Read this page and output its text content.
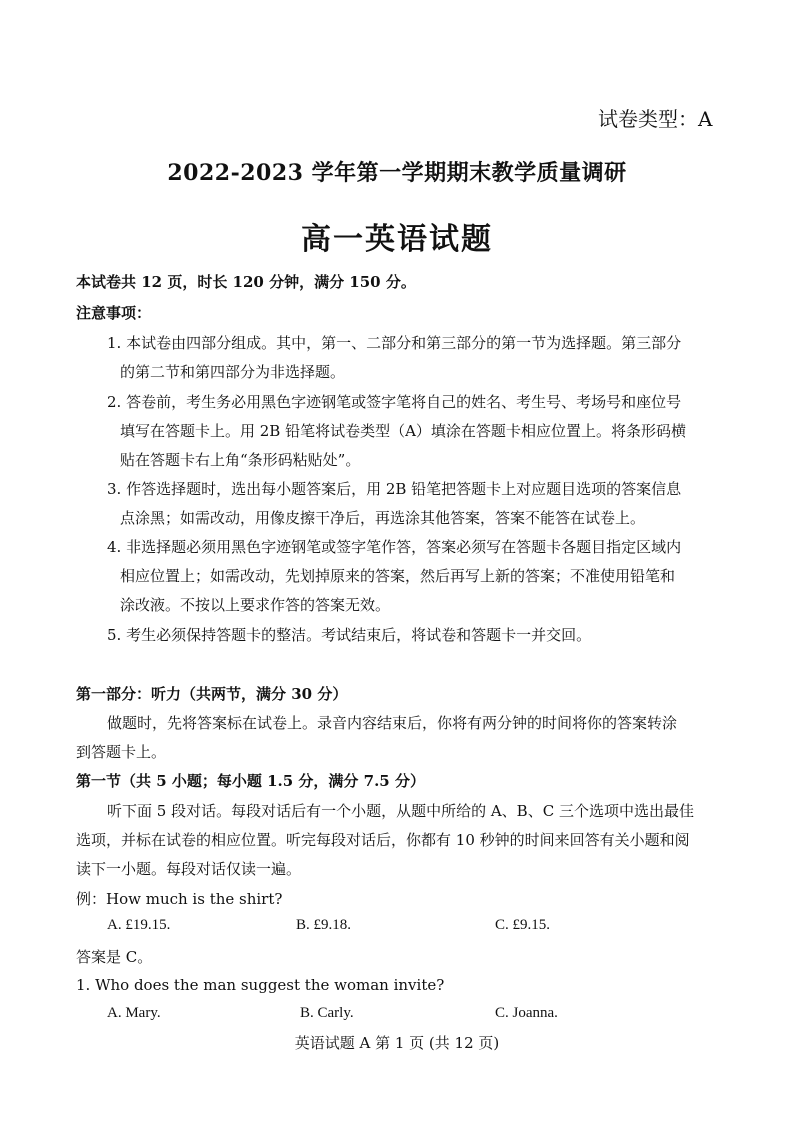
试卷类型：A
2022-2023 学年第一学期期末教学质量调研
高一英语试题
本试卷共 12 页，时长 120 分钟，满分 150 分。
注意事项：
1. 本试卷由四部分组成。其中，第一、二部分和第三部分的第一节为选择题。第三部分
的第二节和第四部分为非选择题。
2. 答卷前，考生务必用黑色字迹钢笔或签字笔将自己的姓名、考生号、考场号和座位号
填写在答题卡上。用 2B 铅笔将试卷类型（A）填涂在答题卡相应位置上。将条形码横
贴在答题卡右上角“条形码粘贴处”。
3. 作答选择题时，选出每小题答案后，用 2B 铅笔把答题卡上对应题目选项的答案信息
点涂黑；如需改动，用像皮擦干净后，再选涂其他答案，答案不能答在试卷上。
4. 非选择题必须用黑色字迹钢笔或签字笔作答，答案必须写在答题卡各题目指定区域内
相应位置上；如需改动，先划掉原来的答案，然后再写上新的答案；不准使用铅笔和
涂改液。不按以上要求作答的答案无效。
5. 考生必须保持答题卡的整洁。考试结束后，将试卷和答题卡一并交回。
第一部分：听力（共两节，满分 30 分）
做题时，先将答案标在试卷上。录音内容结束后，你将有两分钟的时间将你的答案转涂
到答题卡上。
第一节（共 5 小题；每小题 1.5 分，满分 7.5 分）
听下面 5 段对话。每段对话后有一个小题，从题中所给的 A、B、C 三个选项中选出最佳
选项，并标在试卷的相应位置。听完每段对话后，你都有 10 秒钟的时间来回答有关小题和阅
读下一小题。每段对话仅读一遍。
例：How much is the shirt?
A. £19.15.	B. £9.18.	C. £9.15.
答案是 C。
1. Who does the man suggest the woman invite?
A. Mary.	B. Carly.	C. Joanna.
英语试题 A 第 1 页 (共 12 页)
